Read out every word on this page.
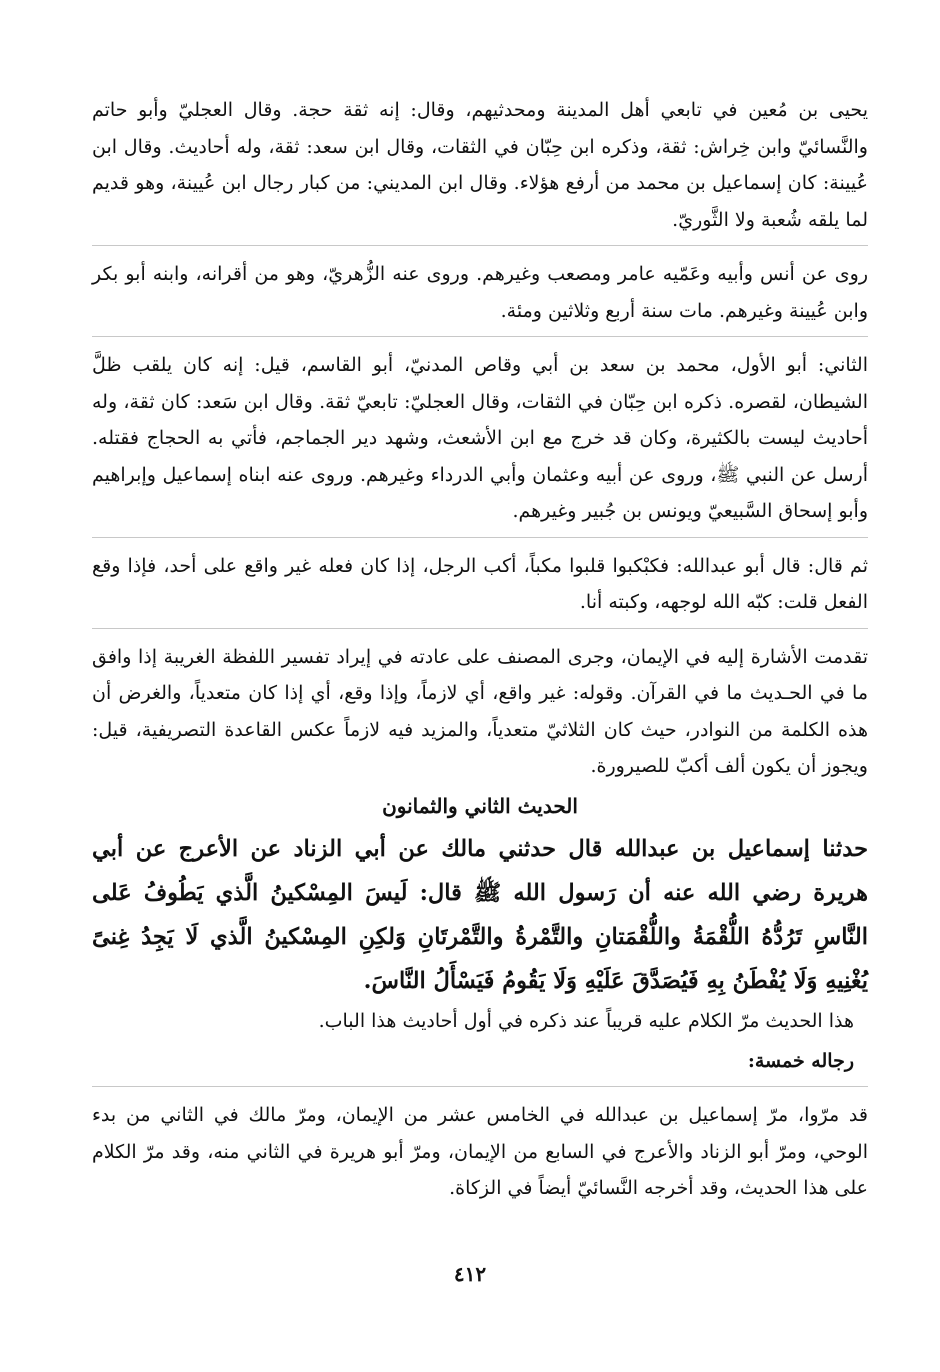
يحيى بن مُعين في تابعي أهل المدينة ومحدثيهم، وقال: إنه ثقة حجة. وقال العجليّ وأبو حاتم والنَّسائيّ وابن خِراش: ثقة، وذكره ابن حِبّان في الثقات، وقال ابن سعد: ثقة، وله أحاديث. وقال ابن عُيينة: كان إسماعيل بن محمد من أرفع هؤلاء. وقال ابن المديني: من كبار رجال ابن عُيينة، وهو قديم لما يلقه شُعبة ولا الثَّوريّ.

روى عن أنس وأبيه وعَمّيه عامر ومصعب وغيرهم. وروى عنه الزُّهريّ، وهو من أقرانه، وابنه أبو بكر وابن عُيينة وغيرهم. مات سنة أربع وثلاثين ومئة.

الثاني: أبو الأول، محمد بن سعد بن أبي وقاص المدنيّ، أبو القاسم، قيل: إنه كان يلقب ظلَّ الشيطان، لقصره. ذكره ابن حِبّان في الثقات، وقال العجليّ: تابعيّ ثقة. وقال ابن سَعد: كان ثقة، وله أحاديث ليست بالكثيرة، وكان قد خرج مع ابن الأشعث، وشهد دير الجماجم، فأتي به الحجاج فقتله. أرسل عن النبي ﷺ، وروى عن أبيه وعثمان وأبي الدرداء وغيرهم. وروى عنه ابناه إسماعيل وإبراهيم وأبو إسحاق السَّبيعيّ ويونس بن جُبير وغيرهم.

ثم قال: قال أبو عبدالله: فكبْكبوا قلبوا مكباً، أكب الرجل، إذا كان فعله غير واقع على أحد، فإذا وقع الفعل قلت: كبّه الله لوجهه، وكبته أنا.

تقدمت الأشارة إليه في الإيمان، وجرى المصنف على عادته في إيراد تفسير اللفظة الغريبة إذا وافق ما في الحـديث ما في القرآن. وقوله: غير واقع، أي لازماً، وإذا وقع، أي إذا كان متعدياً، والغرض أن هذه الكلمة من النوادر، حيث كان الثلاثيّ متعدياً، والمزيد فيه لازماً عكس القاعدة التصريفية، قيل: ويجوز أن يكون ألف أكبّ للصيرورة.

الحديث الثاني والثمانون

حدثنا إسماعيل بن عبدالله قال حدثني مالك عن أبي الزناد عن الأعرج عن أبي هريرة رضي الله عنه أن رَسول الله ﷺ قال: لَيسَ المِسْكينُ الَّذي يَطُوفُ عَلى النَّاسِ تَرُدُّهُ اللُّقْمَةُ واللُّقْمَتانِ والتَّمْرةُ والتَّمْرتَانِ وَلكِنِ المِسْكينُ الَّذي لَا يَجِدُ غِنىً يُغْنِيهِ وَلَا يُفْطَنُ بِهِ فَيُصَدَّقَ عَلَيْهِ وَلَا يَقُومُ فَيَسْأَلُ النَّاسَ.

هذا الحديث مرّ الكلام عليه قريباً عند ذكره في أول أحاديث هذا الباب.

رجاله خمسة:

قد مرّوا، مرّ إسماعيل بن عبدالله في الخامس عشر من الإيمان، ومرّ مالك في الثاني من بدء الوحي، ومرّ أبو الزناد والأعرج في السابع من الإيمان، ومرّ أبو هريرة في الثاني منه، وقد مرّ الكلام على هذا الحديث، وقد أخرجه النَّسائيّ أيضاً في الزكاة.

٤١٢
